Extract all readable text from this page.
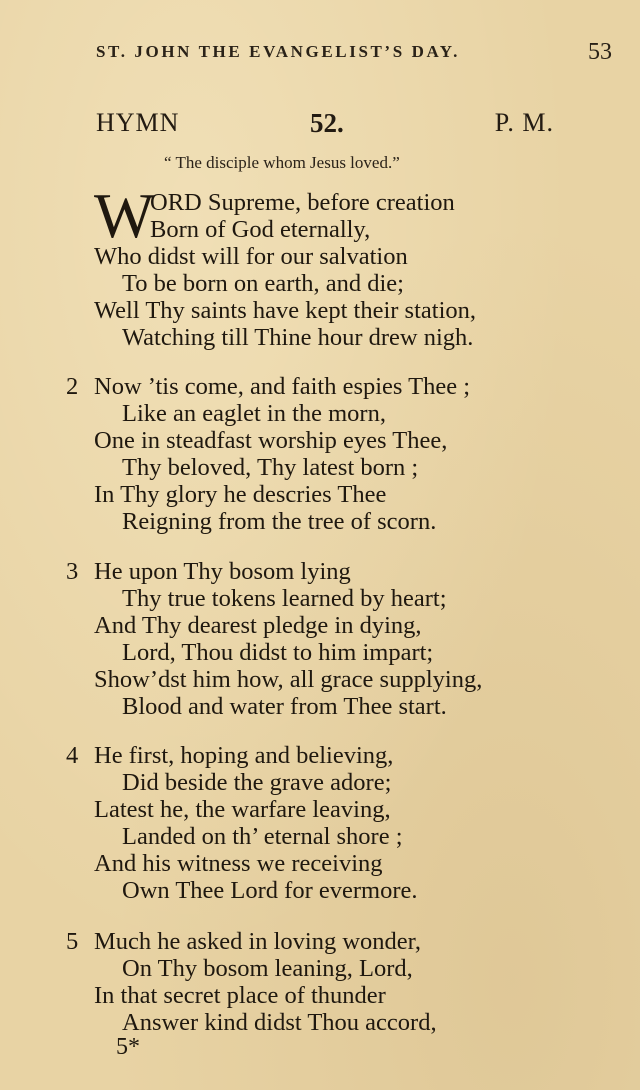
ST. JOHN THE EVANGELIST’S DAY.	53
HYMN	52.	P. M.
“ The disciple whom Jesus loved.”
W
ORD Supreme, before creation
Born of God eternally,
Who didst will for our salvation
To be born on earth, and die;
Well Thy saints have kept their station,
Watching till Thine hour drew nigh.
2 Now ’tis come, and faith espies Thee ;
Like an eaglet in the morn,
One in steadfast worship eyes Thee,
Thy beloved, Thy latest born ;
In Thy glory he descries Thee
Reigning from the tree of scorn.
3 He upon Thy bosom lying
Thy true tokens learned by heart;
And Thy dearest pledge in dying,
Lord, Thou didst to him impart;
Show’dst him how, all grace supplying,
Blood and water from Thee start.
4 He first, hoping and believing,
Did beside the grave adore;
Latest he, the warfare leaving,
Landed on th’ eternal shore ;
And his witness we receiving
Own Thee Lord for evermore.
5 Much he asked in loving wonder,
On Thy bosom leaning, Lord,
In that secret place of thunder
Answer kind didst Thou accord,
5*
